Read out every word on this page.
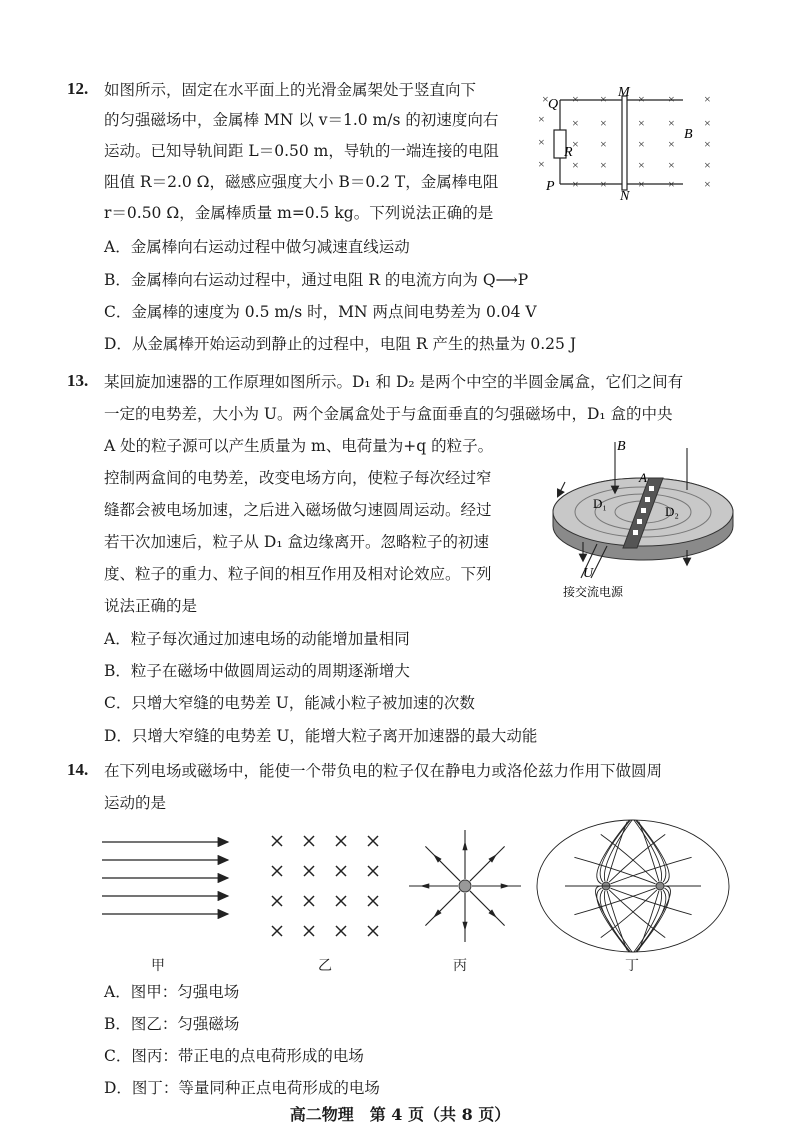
12. 如图所示，固定在水平面上的光滑金属架处于竖直向下
的匀强磁场中，金属棒 MN 以 v＝1.0 m/s 的初速度向右
运动。已知导轨间距 L＝0.50 m，导轨的一端连接的电阻
阻值 R＝2.0 Ω，磁感应强度大小 B＝0.2 T，金属棒电阻
r＝0.50 Ω，金属棒质量 m=0.5 kg。下列说法正确的是
A．金属棒向右运动过程中做匀减速直线运动
B．金属棒向右运动过程中，通过电阻 R 的电流方向为 Q⟶P
C．金属棒的速度为 0.5 m/s 时，MN 两点间电势差为 0.04 V
D．从金属棒开始运动到静止的过程中，电阻 R 产生的热量为 0.25 J
× × ×	× × ×
× × ×	× × ×
× × ×	× × ×
× × ×	× × ×
× ×	× × ×
Q
P
M
N
R
B
13. 某回旋加速器的工作原理如图所示。D₁ 和 D₂ 是两个中空的半圆金属盒，它们之间有
一定的电势差，大小为 U。两个金属盒处于与盒面垂直的匀强磁场中，D₁ 盒的中央
A 处的粒子源可以产生质量为 m、电荷量为+q 的粒子。
控制两盒间的电势差，改变电场方向，使粒子每次经过窄
缝都会被电场加速，之后进入磁场做匀速圆周运动。经过
若干次加速后，粒子从 D₁ 盒边缘离开。忽略粒子的初速
度、粒子的重力、粒子间的相互作用及相对论效应。下列
说法正确的是
A．粒子每次通过加速电场的动能增加量相同
B．粒子在磁场中做圆周运动的周期逐渐增大
C．只增大窄缝的电势差 U，能减小粒子被加速的次数
D．只增大窄缝的电势差 U，能增大粒子离开加速器的最大动能
B
A
D₁
D₂
U
接交流电源
14. 在下列电场或磁场中，能使一个带负电的粒子仅在静电力或洛伦兹力作用下做圆周
运动的是
甲	乙	丙	丁
A．图甲：匀强电场
B．图乙：匀强磁场
C．图丙：带正电的点电荷形成的电场
D．图丁：等量同种正点电荷形成的电场
高二物理　第 4 页（共 8 页）
